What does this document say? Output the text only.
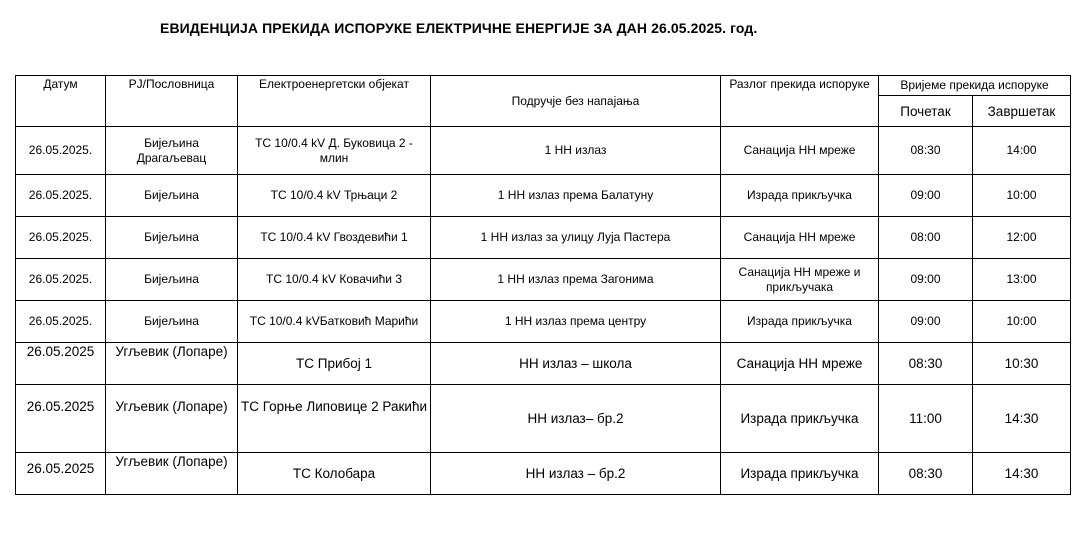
ЕВИДЕНЦИЈА ПРЕКИДА ИСПОРУКЕ ЕЛЕКТРИЧНЕ ЕНЕРГИЈЕ ЗА ДАН 26.05.2025. год.
Датум	РЈ/Пословница	Електроенергетски објекат	Подручје без напајања	Разлог прекида испоруке	Вријеме прекида испоруке	
					Почетак	Завршетак
26.05.2025.	Бијељина Драгаљевац	ТС 10/0.4 kV Д. Буковица 2 - млин	1 НН излаз	Санација НН мреже	08:30	14:00
26.05.2025.	Бијељина	ТС 10/0.4 kV Трњаци 2	1 НН излаз према Балатуну	Израда прикључка	09:00	10:00
26.05.2025.	Бијељина	ТС 10/0.4 kV Гвоздевићи 1	1 НН излаз за улицу Луја Пастера	Санација НН мреже	08:00	12:00
26.05.2025.	Бијељина	ТС 10/0.4 kV Ковачићи 3	1 НН излаз према Загонима	Санација НН мреже и прикључака	09:00	13:00
26.05.2025.	Бијељина	ТС 10/0.4 kVБатковић Марићи	1 НН излаз према центру	Израда прикључка	09:00	10:00
26.05.2025	Угљевик (Лопаре)	ТС Прибој 1	НН излаз – школа	Санација НН мреже	08:30	10:30
26.05.2025	Угљевик (Лопаре)	ТС Горње Липовице 2 Ракићи	НН излаз– бр.2	Израда прикључка	11:00	14:30
26.05.2025	Угљевик (Лопаре)	ТС Колобара	НН излаз – бр.2	Израда прикључка	08:30	14:30
